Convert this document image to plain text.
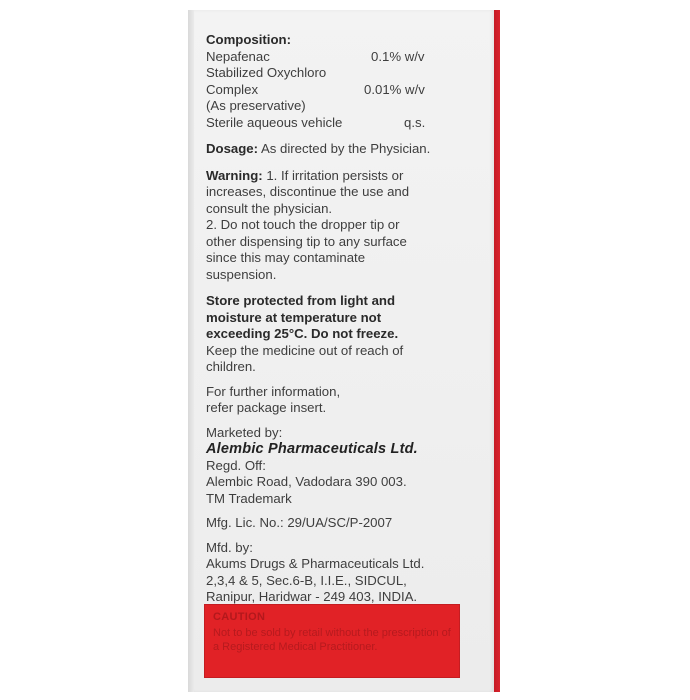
Composition:
Nepafenac	0.1% w/v
Stabilized Oxychloro
Complex	0.01% w/v
(As preservative)
Sterile aqueous vehicle	q.s.
Dosage: As directed by the Physician.
Warning: 1. If irritation persists or
increases, discontinue the use and
consult the physician.
2. Do not touch the dropper tip or
other dispensing tip to any surface
since this may contaminate
suspension.
Store protected from light and
moisture at temperature not
exceeding 25°C. Do not freeze.
Keep the medicine out of reach of
children.
For further information,
refer package insert.
Marketed by:
Alembic Pharmaceuticals Ltd.
Regd. Off:
Alembic Road, Vadodara 390 003.
TM Trademark
Mfg. Lic. No.: 29/UA/SC/P-2007
Mfd. by:
Akums Drugs & Pharmaceuticals Ltd.
2,3,4 & 5, Sec.6-B, I.I.E., SIDCUL,
Ranipur, Haridwar - 249 403, INDIA.
CAUTION
Not to be sold by retail without the prescription of a Registered Medical Practitioner.
